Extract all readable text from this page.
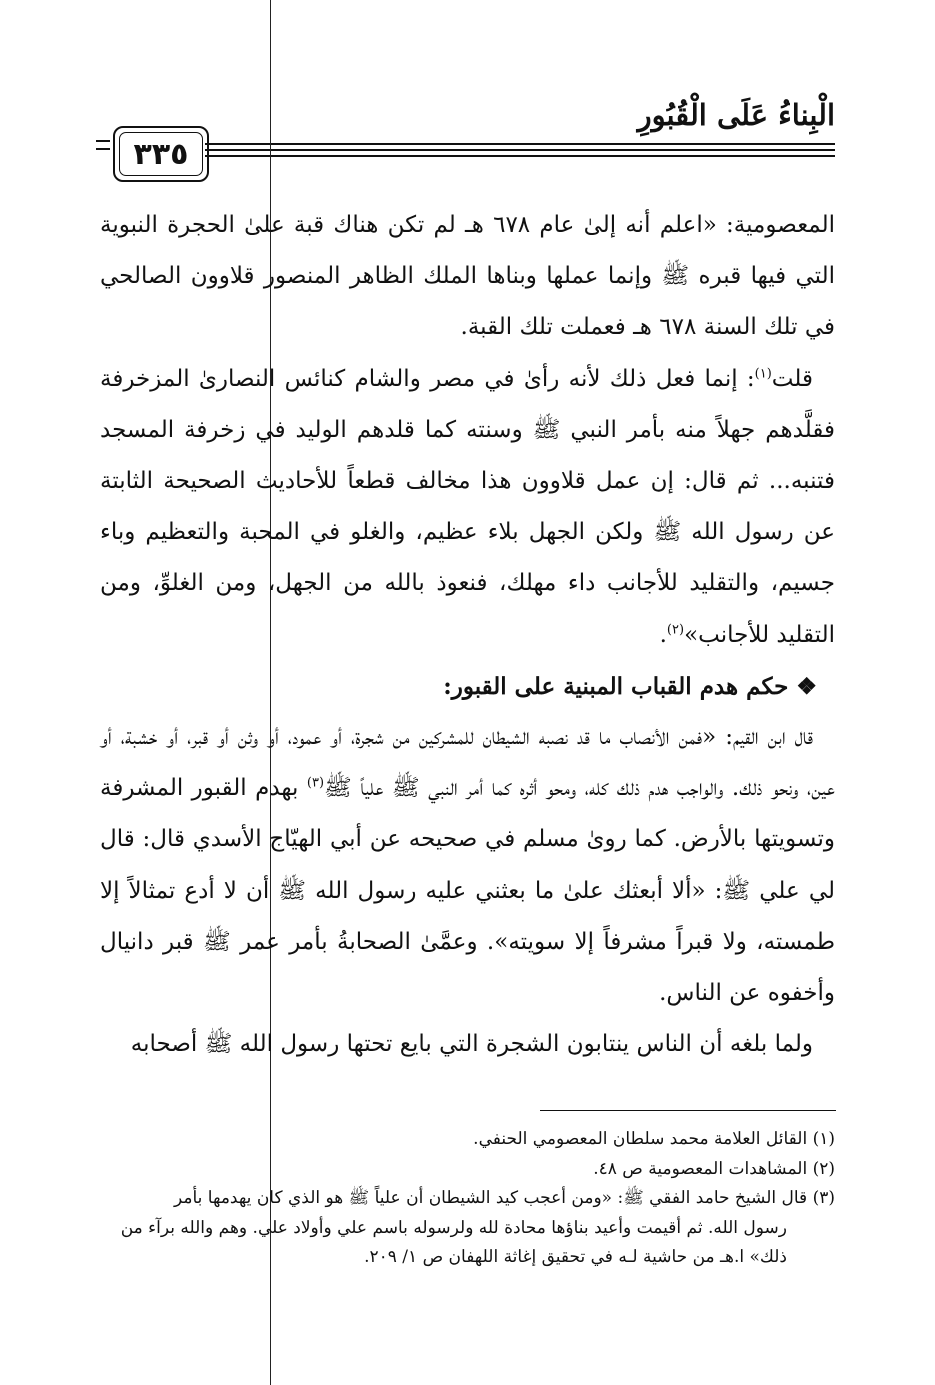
الْبِناءُ عَلَى الْقُبُورِ
٣٣٥

المعصومية: «اعلم أنه إلىٰ عام ٦٧٨ هـ لم تكن هناك قبة علىٰ الحجرة النبوية التي فيها قبره ﷺ وإنما عملها وبناها الملك الظاهر المنصور قلاوون الصالحي في تلك السنة ٦٧٨ هـ فعملت تلك القبة.

قلت$^{(١)}$: إنما فعل ذلك لأنه رأىٰ في مصر والشام كنائس النصارىٰ المزخرفة فقلَّدهم جهلاً منه بأمر النبي ﷺ وسنته كما قلدهم الوليد في زخرفة المسجد فتنبه... ثم قال: إن عمل قلاوون هذا مخالف قطعاً للأحاديث الصحيحة الثابتة عن رسول الله ﷺ ولكن الجهل بلاء عظيم، والغلو في المحبة والتعظيم وباء جسيم، والتقليد للأجانب داء مهلك، فنعوذ بالله من الجهل، ومن الغلوِّ، ومن التقليد للأجانب»$^{(٢)}$.

❖حكم هدم القباب المبنية على القبور:

قال ابن القيم: «فمن الأنصاب ما قد نصبه الشيطان للمشركين من شجرة، أو عمود، أو وثن أو قبر، أو خشبة، أو عين، ونحو ذلك. والواجب هدم ذلك كله، ومحو أثره كما أمر النبي ﷺ علياً ﷺ$^{(٣)}$ بهدم القبور المشرفة وتسويتها بالأرض. كما روىٰ مسلم في صحيحه عن أبي الهيّاج الأسدي قال: قال لي علي ﷺ: «ألا أبعثك علىٰ ما بعثني عليه رسول الله ﷺ أن لا أدع تمثالاً إلا طمسته، ولا قبراً مشرفاً إلا سويته». وعمَّىٰ الصحابةُ بأمر عمر ﷺ قبر دانيال وأخفوه عن الناس.

ولما بلغه أن الناس ينتابون الشجرة التي بايع تحتها رسول الله ﷺ أصحابه

(١) القائل العلامة محمد سلطان المعصومي الحنفي.

(٢) المشاهدات المعصومية ص ٤٨.

(٣) قال الشيخ حامد الفقي ﷺ: «ومن أعجب كيد الشيطان أن علياً ﷺ هو الذي كان يهدمها بأمر

رسول الله. ثم أقيمت وأعيد بناؤها محادة لله ولرسوله باسم علي وأولاد علي. وهم والله برآء من

ذلك» ا.هـ من حاشية لـه في تحقيق إغاثة اللهفان ص ١/ ٢٠٩.
